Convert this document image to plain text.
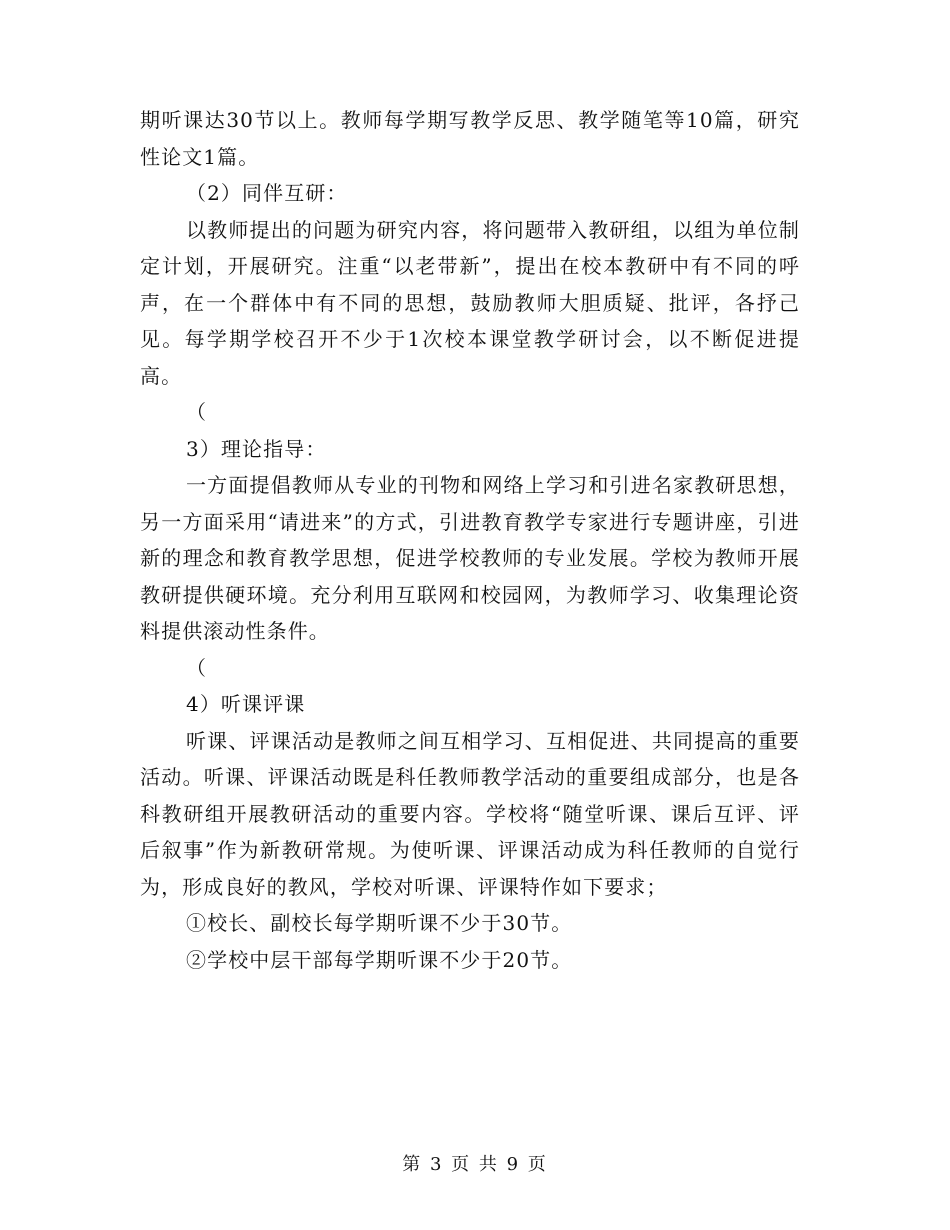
期听课达30节以上。教师每学期写教学反思、教学随笔等10篇，研究性论文1篇。

（2）同伴互研：

以教师提出的问题为研究内容，将问题带入教研组，以组为单位制定计划，开展研究。注重“以老带新”，提出在校本教研中有不同的呼声，在一个群体中有不同的思想，鼓励教师大胆质疑、批评，各抒己见。每学期学校召开不少于1次校本课堂教学研讨会，以不断促进提高。

（

3）理论指导：

一方面提倡教师从专业的刊物和网络上学习和引进名家教研思想，另一方面采用“请进来”的方式，引进教育教学专家进行专题讲座，引进新的理念和教育教学思想，促进学校教师的专业发展。学校为教师开展教研提供硬环境。充分利用互联网和校园网，为教师学习、收集理论资料提供滚动性条件。

（

4）听课评课

听课、评课活动是教师之间互相学习、互相促进、共同提高的重要活动。听课、评课活动既是科任教师教学活动的重要组成部分，也是各科教研组开展教研活动的重要内容。学校将“随堂听课、课后互评、评后叙事”作为新教研常规。为使听课、评课活动成为科任教师的自觉行为，形成良好的教风，学校对听课、评课特作如下要求；

①校长、副校长每学期听课不少于30节。

②学校中层干部每学期听课不少于20节。

第 3 页 共 9 页
